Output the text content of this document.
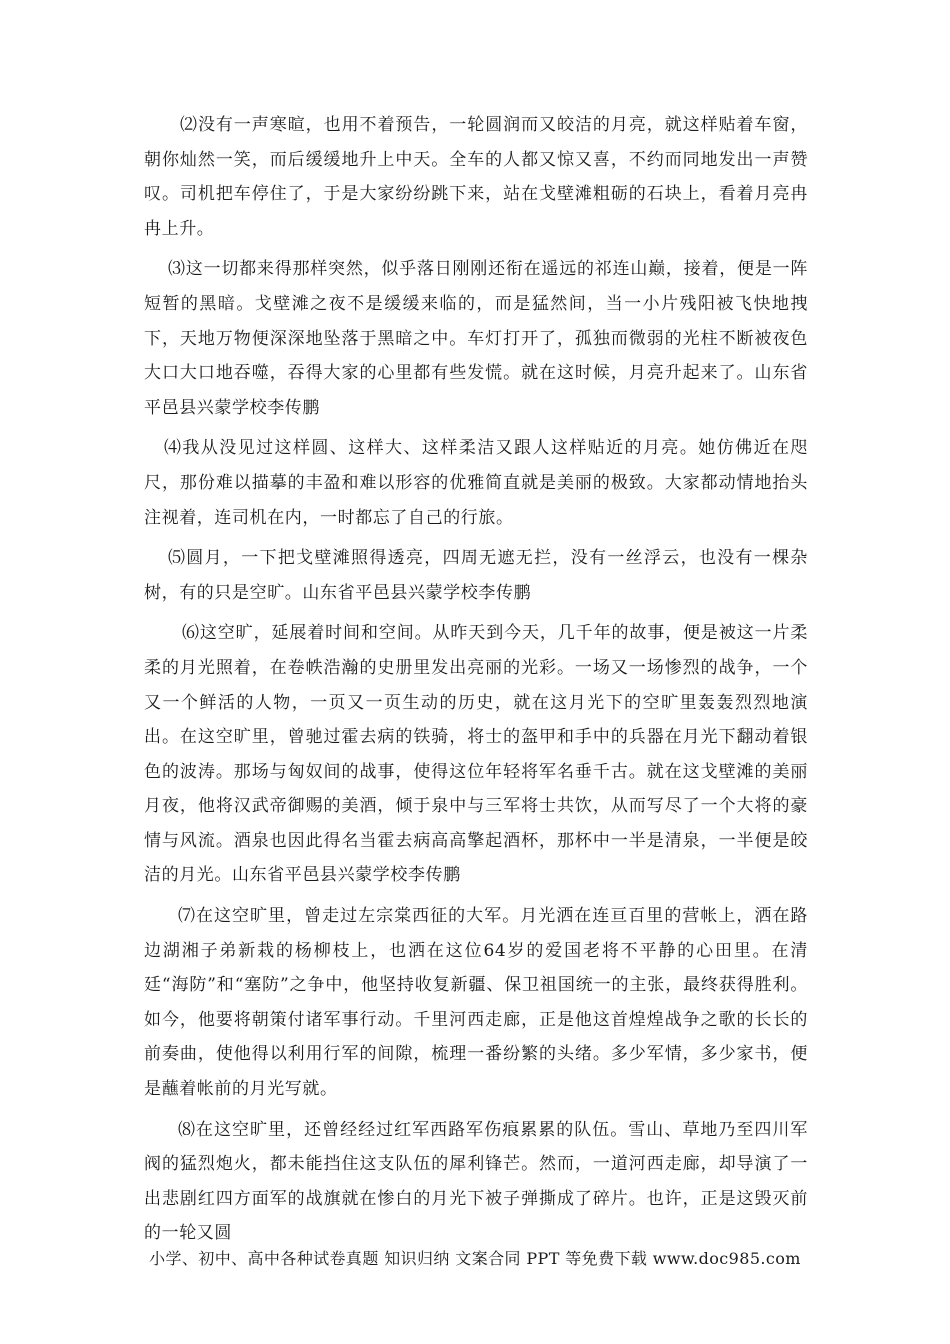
⑵没有一声寒暄，也用不着预告，一轮圆润而又皎洁的月亮，就这样贴着车窗，朝你灿然一笑，而后缓缓地升上中天。全车的人都又惊又喜，不约而同地发出一声赞叹。司机把车停住了，于是大家纷纷跳下来，站在戈壁滩粗砺的石块上，看着月亮冉冉上升。

⑶这一切都来得那样突然，似乎落日刚刚还衔在遥远的祁连山巅，接着，便是一阵短暂的黑暗。戈壁滩之夜不是缓缓来临的，而是猛然间，当一小片残阳被飞快地拽下，天地万物便深深地坠落于黑暗之中。车灯打开了，孤独而微弱的光柱不断被夜色大口大口地吞噬，吞得大家的心里都有些发慌。就在这时候，月亮升起来了。山东省平邑县兴蒙学校李传鹏

⑷我从没见过这样圆、这样大、这样柔洁又跟人这样贴近的月亮。她仿佛近在咫尺，那份难以描摹的丰盈和难以形容的优雅简直就是美丽的极致。大家都动情地抬头注视着，连司机在内，一时都忘了自己的行旅。

⑸圆月，一下把戈壁滩照得透亮，四周无遮无拦，没有一丝浮云，也没有一棵杂树，有的只是空旷。山东省平邑县兴蒙学校李传鹏

⑹这空旷，延展着时间和空间。从昨天到今天，几千年的故事，便是被这一片柔柔的月光照着，在卷帙浩瀚的史册里发出亮丽的光彩。一场又一场惨烈的战争，一个又一个鲜活的人物，一页又一页生动的历史，就在这月光下的空旷里轰轰烈烈地演出。在这空旷里，曾驰过霍去病的铁骑，将士的盔甲和手中的兵器在月光下翻动着银色的波涛。那场与匈奴间的战事，使得这位年轻将军名垂千古。就在这戈壁滩的美丽月夜，他将汉武帝御赐的美酒，倾于泉中与三军将士共饮，从而写尽了一个大将的豪情与风流。酒泉也因此得名当霍去病高高擎起酒杯，那杯中一半是清泉，一半便是皎洁的月光。山东省平邑县兴蒙学校李传鹏

⑺在这空旷里，曾走过左宗棠西征的大军。月光洒在连亘百里的营帐上，洒在路边湖湘子弟新栽的杨柳枝上，也洒在这位64岁的爱国老将不平静的心田里。在清廷“海防”和“塞防”之争中，他坚持收复新疆、保卫祖国统一的主张，最终获得胜利。如今，他要将朝策付诸军事行动。千里河西走廊，正是他这首煌煌战争之歌的长长的前奏曲，使他得以利用行军的间隙，梳理一番纷繁的头绪。多少军情，多少家书，便是蘸着帐前的月光写就。

⑻在这空旷里，还曾经经过红军西路军伤痕累累的队伍。雪山、草地乃至四川军阀的猛烈炮火，都未能挡住这支队伍的犀利锋芒。然而，一道河西走廊，却导演了一出悲剧红四方面军的战旗就在惨白的月光下被子弹撕成了碎片。也许，正是这毁灭前的一轮又圆

小学、初中、高中各种试卷真题 知识归纳 文案合同 PPT 等免费下载 www.doc985.com
